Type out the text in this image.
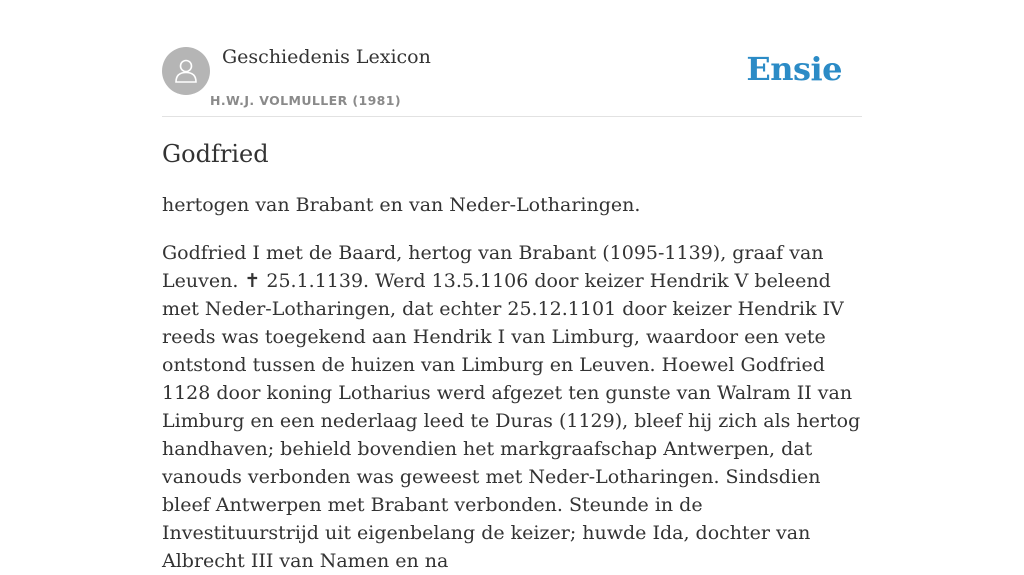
Geschiedenis Lexicon
H.W.J. VOLMULLER (1981)
Ensie
Godfried

hertogen van Brabant en van Neder-Lotharingen.

Godfried I met de Baard, hertog van Brabant (1095-1139), graaf van Leuven. ✝ 25.1.1139. Werd 13.5.1106 door keizer Hendrik V beleend met Neder-Lotharingen, dat echter 25.12.1101 door keizer Hendrik IV reeds was toegekend aan Hendrik I van Limburg, waardoor een vete ontstond tussen de huizen van Limburg en Leuven. Hoewel Godfried 1128 door koning Lotharius werd afgezet ten gunste van Walram II van Limburg en een nederlaag leed te Duras (1129), bleef hij zich als hertog handhaven; behield bovendien het markgraafschap Antwerpen, dat vanouds verbonden was geweest met Neder-Lotharingen. Sindsdien bleef Antwerpen met Brabant verbonden. Steunde in de Investituurstrijd uit eigenbelang de keizer; huwde Ida, dochter van Albrecht III van Namen en na
